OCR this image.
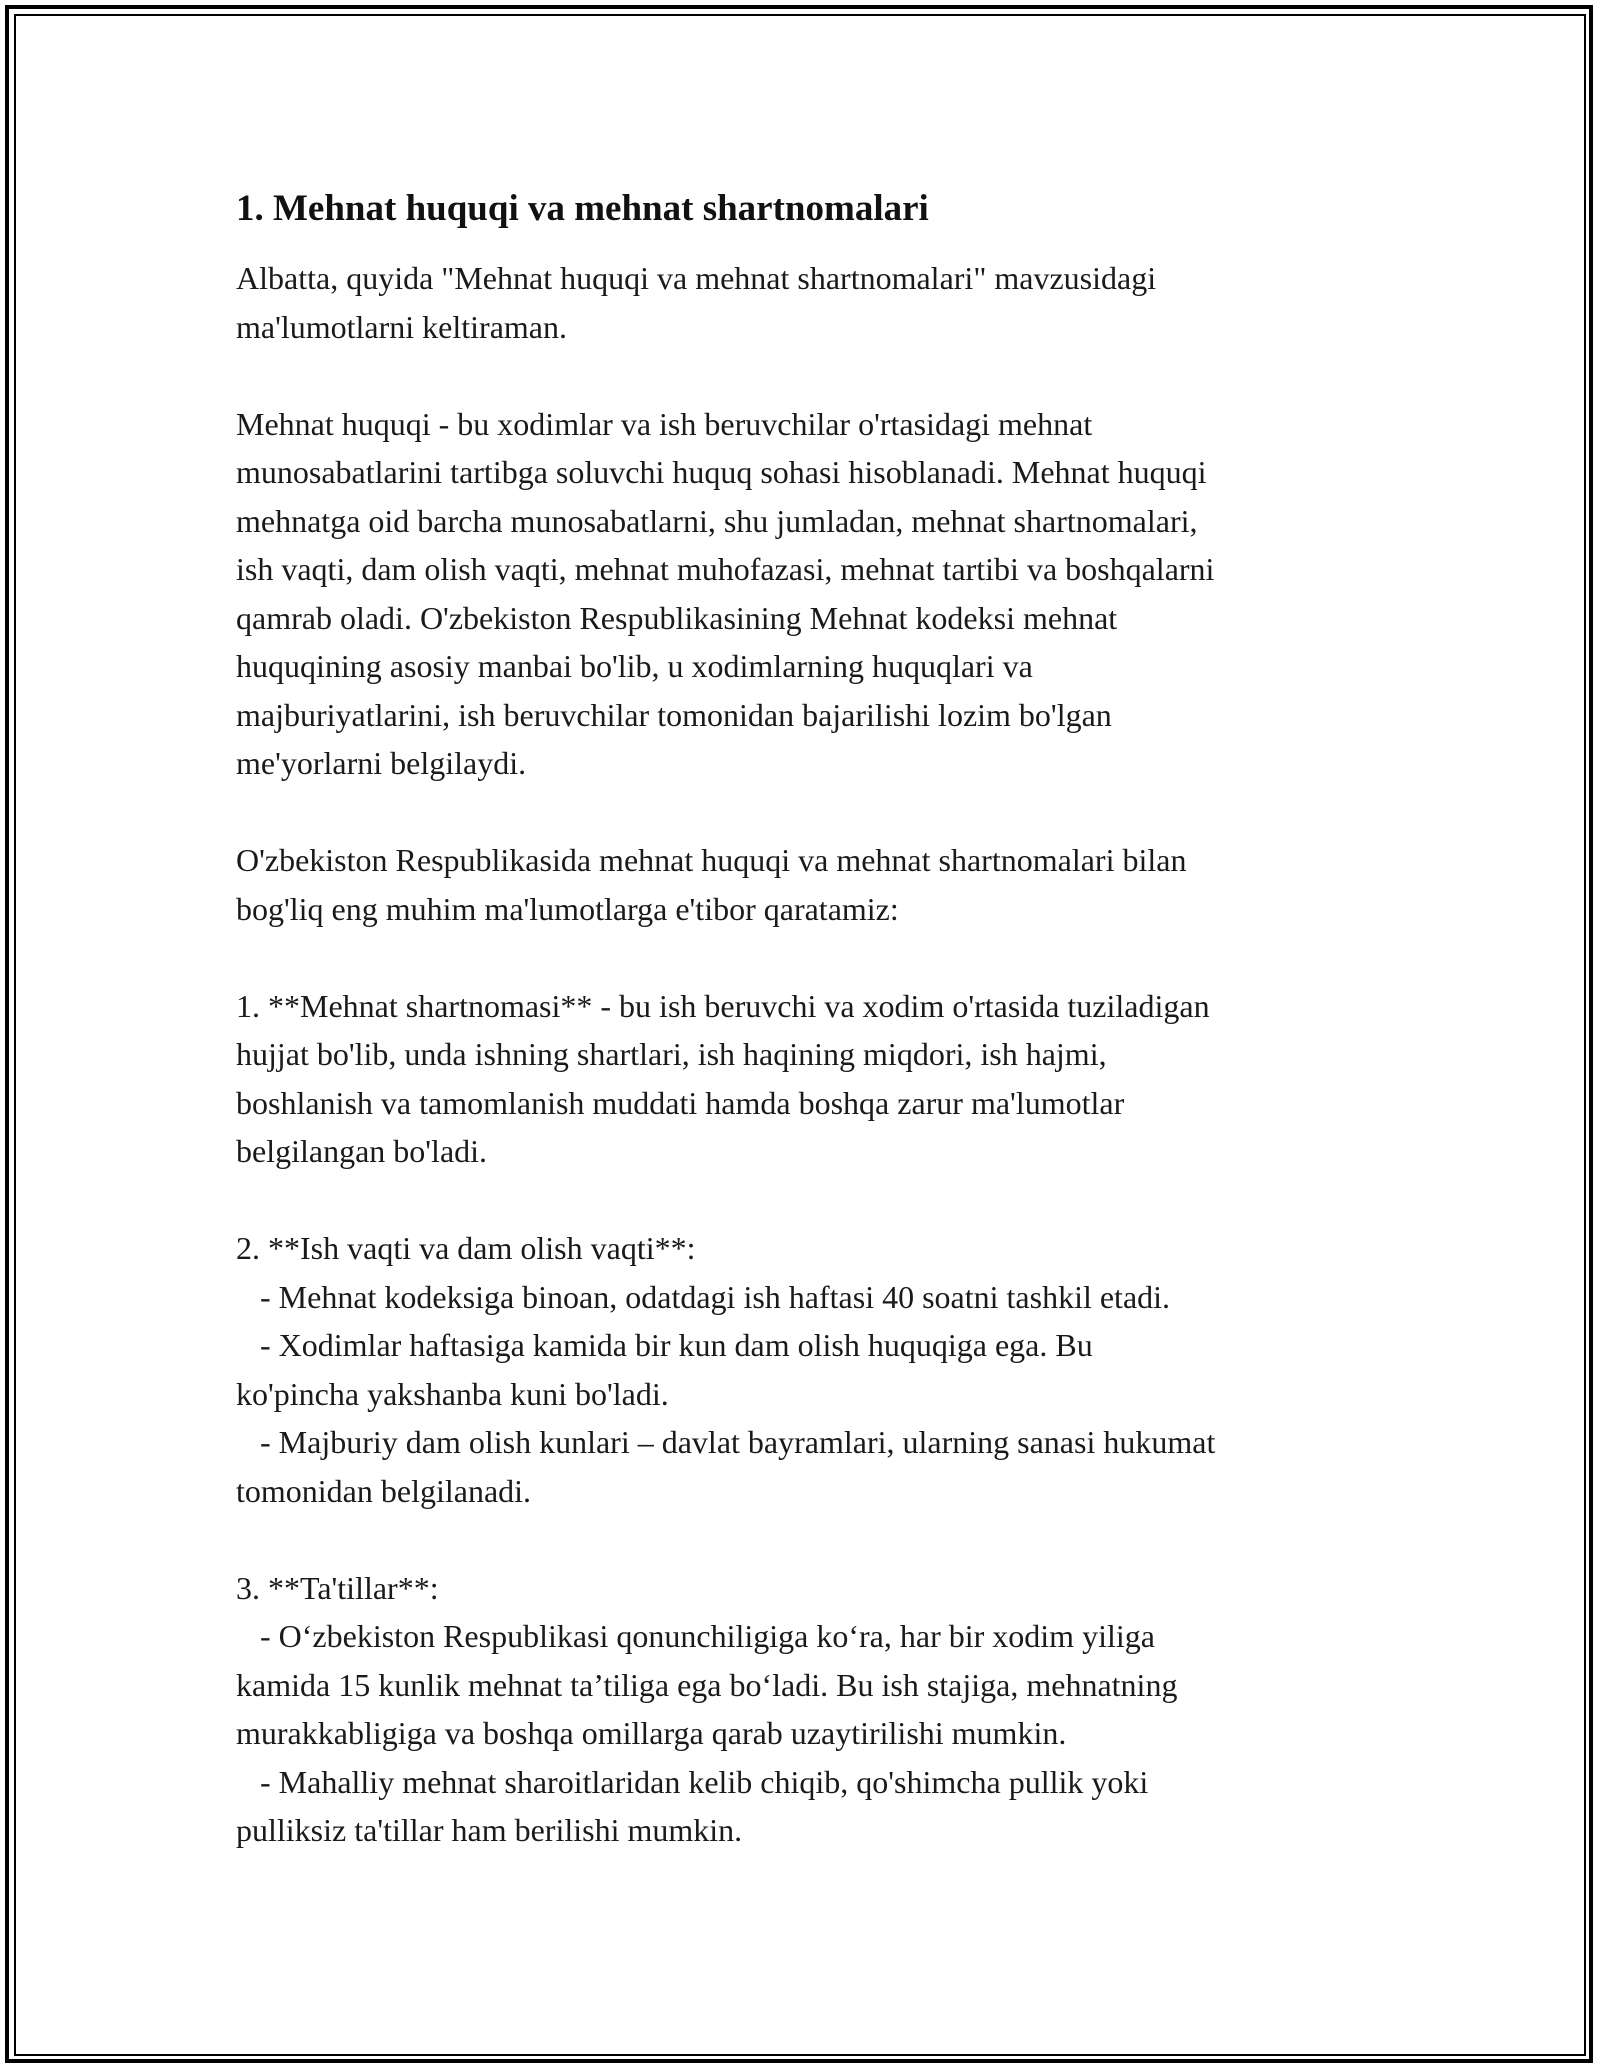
1. Mehnat huquqi va mehnat shartnomalari

Albatta, quyida "Mehnat huquqi va mehnat shartnomalari" mavzusidagi
ma'lumotlarni keltiraman.

Mehnat huquqi - bu xodimlar va ish beruvchilar o'rtasidagi mehnat
munosabatlarini tartibga soluvchi huquq sohasi hisoblanadi. Mehnat huquqi
mehnatga oid barcha munosabatlarni, shu jumladan, mehnat shartnomalari,
ish vaqti, dam olish vaqti, mehnat muhofazasi, mehnat tartibi va boshqalarni
qamrab oladi. O'zbekiston Respublikasining Mehnat kodeksi mehnat
huquqining asosiy manbai bo'lib, u xodimlarning huquqlari va
majburiyatlarini, ish beruvchilar tomonidan bajarilishi lozim bo'lgan
me'yorlarni belgilaydi.

O'zbekiston Respublikasida mehnat huquqi va mehnat shartnomalari bilan
bog'liq eng muhim ma'lumotlarga e'tibor qaratamiz:

1. **Mehnat shartnomasi** - bu ish beruvchi va xodim o'rtasida tuziladigan
hujjat bo'lib, unda ishning shartlari, ish haqining miqdori, ish hajmi,
boshlanish va tamomlanish muddati hamda boshqa zarur ma'lumotlar
belgilangan bo'ladi.

2. **Ish vaqti va dam olish vaqti**:
- Mehnat kodeksiga binoan, odatdagi ish haftasi 40 soatni tashkil etadi.
- Xodimlar haftasiga kamida bir kun dam olish huquqiga ega. Bu
ko'pincha yakshanba kuni bo'ladi.
- Majburiy dam olish kunlari – davlat bayramlari, ularning sanasi hukumat
tomonidan belgilanadi.

3. **Ta'tillar**:
- O‘zbekiston Respublikasi qonunchiligiga ko‘ra, har bir xodim yiliga
kamida 15 kunlik mehnat ta’tiliga ega bo‘ladi. Bu ish stajiga, mehnatning
murakkabligiga va boshqa omillarga qarab uzaytirilishi mumkin.
- Mahalliy mehnat sharoitlaridan kelib chiqib, qo'shimcha pullik yoki
pulliksiz ta'tillar ham berilishi mumkin.
